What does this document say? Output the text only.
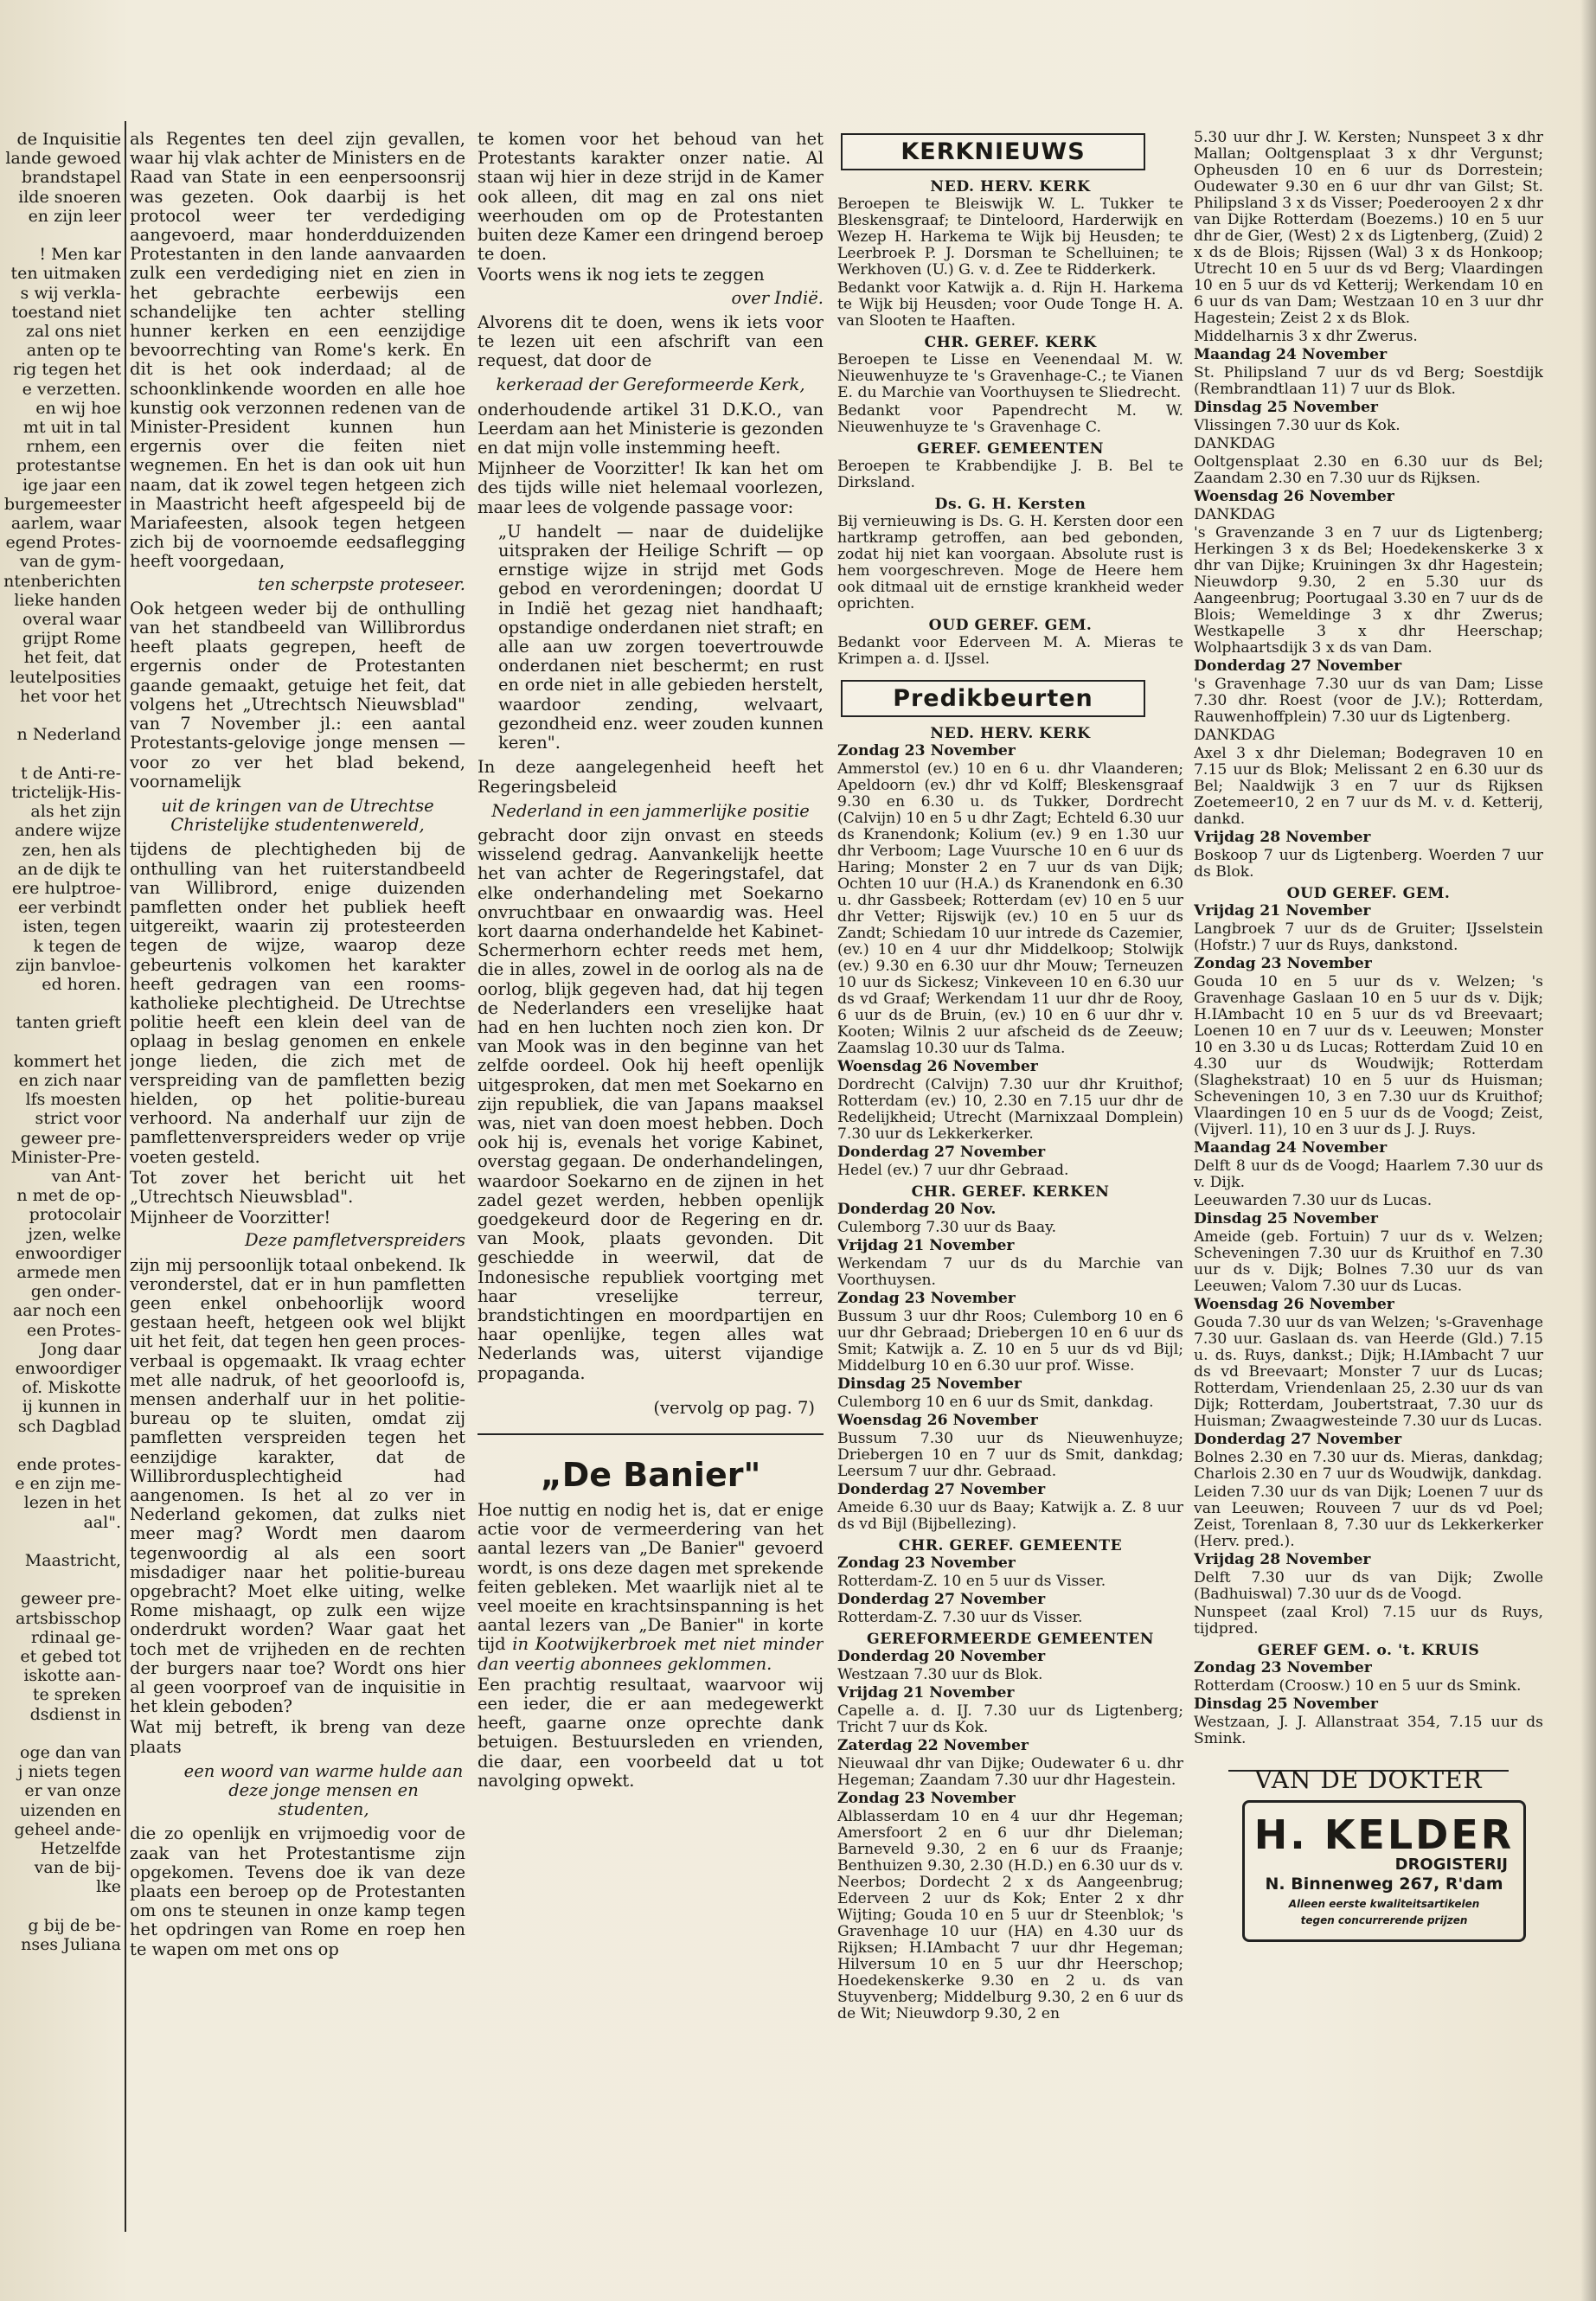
de Inquisitie

lande gewoed

brandstapel

ilde snoeren

en zijn leer

! Men kar

ten uitmaken

s wij verkla-

toestand niet

zal ons niet

anten op te

rig tegen het

e verzetten.

en wij hoe

mt uit in tal

rnhem, een

protestantse

ige jaar een

burgemeester

aarlem, waar

egend Protes-

van de gym-

ntenberichten

lieke handen

overal waar

grijpt Rome

het feit, dat

leutelposities

het voor het

n Nederland

t de Anti-re-

trictelijk-His-

als het zijn

andere wijze

zen, hen als

an de dijk te

ere hulptroe-

eer verbindt

isten, tegen

k tegen de

zijn banvloe-

ed horen.

tanten grieft

kommert het

en zich naar

lfs moesten

strict voor

geweer pre-

Minister-Pre-

van Ant-

n met de op-

protocolair

jzen, welke

enwoordiger

armede men

gen onder-

aar noch een

een Protes-

Jong daar

enwoordiger

of. Miskotte

ij kunnen in

sch Dagblad

ende protes-

e en zijn me-

lezen in het

aal".

Maastricht,

geweer pre-

artsbisschop

rdinaal ge-

et gebed tot

iskotte aan-

te spreken

dsdienst in

oge dan van

j niets tegen

er van onze

uizenden en

geheel ande-

Hetzelfde

van de bij-

lke

g bij de be-

nses Juliana

als Regentes ten deel zijn gevallen, waar hij vlak achter de Ministers en de Raad van State in een eenpersoonsrij was gezeten. Ook daarbij is het protocol weer ter verdediging aangevoerd, maar honderdduizenden Protestanten in den lande aanvaarden zulk een verdediging niet en zien in het gebrachte eerbewijs een schandelijke ten achter stelling hunner kerken en een eenzijdige bevoorrechting van Rome's kerk. En dit is het ook inderdaad; al de schoonklinkende woorden en alle hoe kunstig ook verzonnen redenen van de Minister-President kunnen hun ergernis over die feiten niet wegnemen. En het is dan ook uit hun naam, dat ik zowel tegen hetgeen zich in Maastricht heeft afgespeeld bij de Mariafeesten, alsook tegen hetgeen zich bij de voornoemde eedsaflegging heeft voorgedaan,

ten scherpste proteseer.

Ook hetgeen weder bij de onthulling van het standbeeld van Willibrordus heeft plaats gegrepen, heeft de ergernis onder de Protestanten gaande gemaakt, getuige het feit, dat volgens het „Utrechtsch Nieuwsblad" van 7 November jl.: een aantal Protestants-gelovige jonge mensen — voor zo ver het blad bekend, voornamelijk

uit de kringen van de Utrechtse Christelijke studentenwereld,

tijdens de plechtigheden bij de onthulling van het ruiterstandbeeld van Willibrord, enige duizenden pamfletten onder het publiek heeft uitgereikt, waarin zij protesteerden tegen de wijze, waarop deze gebeurtenis volkomen het karakter heeft gedragen van een rooms-katholieke plechtigheid. De Utrechtse politie heeft een klein deel van de oplaag in beslag genomen en enkele jonge lieden, die zich met de verspreiding van de pamfletten bezig hielden, op het politie-bureau verhoord. Na anderhalf uur zijn de pamflettenverspreiders weder op vrije voeten gesteld.

Tot zover het bericht uit het „Utrechtsch Nieuwsblad".

Mijnheer de Voorzitter!

Deze pamfletverspreiders

zijn mij persoonlijk totaal onbekend. Ik veronderstel, dat er in hun pamfletten geen enkel onbehoorlijk woord gestaan heeft, hetgeen ook wel blijkt uit het feit, dat tegen hen geen proces-verbaal is opgemaakt. Ik vraag echter met alle nadruk, of het geoorloofd is, mensen anderhalf uur in het politie-bureau op te sluiten, omdat zij pamfletten verspreiden tegen het eenzijdige karakter, dat de Willibrordusplechtigheid had aangenomen. Is het al zo ver in Nederland gekomen, dat zulks niet meer mag? Wordt men daarom tegenwoordig al als een soort misdadiger naar het politie-bureau opgebracht? Moet elke uiting, welke Rome mishaagt, op zulk een wijze onderdrukt worden? Waar gaat het toch met de vrijheden en de rechten der burgers naar toe? Wordt ons hier al geen voorproef van de inquisitie in het klein geboden?

Wat mij betreft, ik breng van deze plaats

een woord van warme hulde aan deze jonge mensen en studenten,

die zo openlijk en vrijmoedig voor de zaak van het Protestantisme zijn opgekomen. Tevens doe ik van deze plaats een beroep op de Protestanten om ons te steunen in onze kamp tegen het opdringen van Rome en roep hen te wapen om met ons op

te komen voor het behoud van het Protestants karakter onzer natie. Al staan wij hier in deze strijd in de Kamer ook alleen, dit mag en zal ons niet weerhouden om op de Protestanten buiten deze Kamer een dringend beroep te doen.

Voorts wens ik nog iets te zeggen

over Indië.

Alvorens dit te doen, wens ik iets voor te lezen uit een afschrift van een request, dat door de

kerkeraad der Gereformeerde Kerk,

onderhoudende artikel 31 D.K.O., van Leerdam aan het Ministerie is gezonden en dat mijn volle instemming heeft.

Mijnheer de Voorzitter! Ik kan het om des tijds wille niet helemaal voorlezen, maar lees de volgende passage voor:

„U handelt — naar de duidelijke uitspraken der Heilige Schrift — op ernstige wijze in strijd met Gods gebod en verordeningen; doordat U in Indië het gezag niet handhaaft; opstandige onderdanen niet straft; en alle aan uw zorgen toevertrouwde onderdanen niet beschermt; en rust en orde niet in alle gebieden herstelt, waardoor zending, welvaart, gezondheid enz. weer zouden kunnen keren".

In deze aangelegenheid heeft het Regeringsbeleid

Nederland in een jammerlijke positie

gebracht door zijn onvast en steeds wisselend gedrag. Aanvankelijk heette het van achter de Regeringstafel, dat elke onderhandeling met Soekarno onvruchtbaar en onwaardig was. Heel kort daarna onderhandelde het Kabinet-Schermerhorn echter reeds met hem, die in alles, zowel in de oorlog als na de oorlog, blijk gegeven had, dat hij tegen de Nederlanders een vreselijke haat had en hen luchten noch zien kon. Dr van Mook was in den beginne van het zelfde oordeel. Ook hij heeft openlijk uitgesproken, dat men met Soekarno en zijn republiek, die van Japans maaksel was, niet van doen moest hebben. Doch ook hij is, evenals het vorige Kabinet, overstag gegaan. De onderhandelingen, waardoor Soekarno en de zijnen in het zadel gezet werden, hebben openlijk goedgekeurd door de Regering en dr. van Mook, plaats gevonden. Dit geschiedde in weerwil, dat de Indonesische republiek voortging met haar vreselijke terreur, brandstichtingen en moordpartijen en haar openlijke, tegen alles wat Nederlands was, uiterst vijandige propaganda.

(vervolg op pag. 7)

„De Banier"

Hoe nuttig en nodig het is, dat er enige actie voor de vermeerdering van het aantal lezers van „De Banier" gevoerd wordt, is ons deze dagen met sprekende feiten gebleken. Met waarlijk niet al te veel moeite en krachtsinspanning is het aantal lezers van „De Banier" in korte tijd in Kootwijkerbroek met niet minder dan veertig abonnees geklommen.

Een prachtig resultaat, waarvoor wij een ieder, die er aan medegewerkt heeft, gaarne onze oprechte dank betuigen. Bestuursleden en vrienden, die daar, een voorbeeld dat u tot navolging opwekt.

KERKNIEUWS

NED. HERV. KERK

Beroepen te Bleiswijk W. L. Tukker te Bleskensgraaf; te Dinteloord, Harderwijk en Wezep H. Harkema te Wijk bij Heusden; te Leerbroek P. J. Dorsman te Schelluinen; te Werkhoven (U.) G. v. d. Zee te Ridderkerk.

Bedankt voor Katwijk a. d. Rijn H. Harkema te Wijk bij Heusden; voor Oude Tonge H. A. van Slooten te Haaften.

CHR. GEREF. KERK

Beroepen te Lisse en Veenendaal M. W. Nieuwenhuyze te 's Gravenhage-C.; te Vianen E. du Marchie van Voorthuysen te Sliedrecht.

Bedankt voor Papendrecht M. W. Nieuwenhuyze te 's Gravenhage C.

GEREF. GEMEENTEN

Beroepen te Krabbendijke J. B. Bel te Dirksland.

Ds. G. H. Kersten

Bij vernieuwing is Ds. G. H. Kersten door een hartkramp getroffen, aan bed gebonden, zodat hij niet kan voorgaan. Absolute rust is hem voorgeschreven. Moge de Heere hem ook ditmaal uit de ernstige krankheid weder oprichten.

OUD GEREF. GEM.

Bedankt voor Ederveen M. A. Mieras te Krimpen a. d. IJssel.

Predikbeurten

NED. HERV. KERK

Zondag 23 November

Ammerstol (ev.) 10 en 6 u. dhr Vlaanderen; Apeldoorn (ev.) dhr vd Kolff; Bleskensgraaf 9.30 en 6.30 u. ds Tukker, Dordrecht (Calvijn) 10 en 5 u dhr Zagt; Echteld 6.30 uur ds Kranendonk; Kolium (ev.) 9 en 1.30 uur dhr Verboom; Lage Vuursche 10 en 6 uur ds Haring; Monster 2 en 7 uur ds van Dijk; Ochten 10 uur (H.A.) ds Kranendonk en 6.30 u. dhr Gassbeek; Rotterdam (ev) 10 en 5 uur dhr Vetter; Rijswijk (ev.) 10 en 5 uur ds Zandt; Schiedam 10 uur intrede ds Cazemier, (ev.) 10 en 4 uur dhr Middelkoop; Stolwijk (ev.) 9.30 en 6.30 uur dhr Mouw; Terneuzen 10 uur ds Sickesz; Vinkeveen 10 en 6.30 uur ds vd Graaf; Werkendam 11 uur dhr de Rooy, 6 uur ds de Bruin, (ev.) 10 en 6 uur dhr v. Kooten; Wilnis 2 uur afscheid ds de Zeeuw; Zaamslag 10.30 uur ds Talma.

Woensdag 26 November

Dordrecht (Calvijn) 7.30 uur dhr Kruithof; Rotterdam (ev.) 10, 2.30 en 7.15 uur dhr de Redelijkheid; Utrecht (Marnixzaal Domplein) 7.30 uur ds Lekkerkerker.

Donderdag 27 November

Hedel (ev.) 7 uur dhr Gebraad.

CHR. GEREF. KERKEN

Donderdag 20 Nov.

Culemborg 7.30 uur ds Baay.

Vrijdag 21 November

Werkendam 7 uur ds du Marchie van Voorthuysen.

Zondag 23 November

Bussum 3 uur dhr Roos; Culemborg 10 en 6 uur dhr Gebraad; Driebergen 10 en 6 uur ds Smit; Katwijk a. Z. 10 en 5 uur ds vd Bijl; Middelburg 10 en 6.30 uur prof. Wisse.

Dinsdag 25 November

Culemborg 10 en 6 uur ds Smit, dankdag.

Woensdag 26 November

Bussum 7.30 uur ds Nieuwenhuyze; Driebergen 10 en 7 uur ds Smit, dankdag; Leersum 7 uur dhr. Gebraad.

Donderdag 27 November

Ameide 6.30 uur ds Baay; Katwijk a. Z. 8 uur ds vd Bijl (Bijbellezing).

CHR. GEREF. GEMEENTE

Zondag 23 November

Rotterdam-Z. 10 en 5 uur ds Visser.

Donderdag 27 November

Rotterdam-Z. 7.30 uur ds Visser.

GEREFORMEERDE GEMEENTEN

Donderdag 20 November

Westzaan 7.30 uur ds Blok.

Vrijdag 21 November

Capelle a. d. IJ. 7.30 uur ds Ligtenberg; Tricht 7 uur ds Kok.

Zaterdag 22 November

Nieuwaal dhr van Dijke; Oudewater 6 u. dhr Hegeman; Zaandam 7.30 uur dhr Hagestein.

Zondag 23 November

Alblasserdam 10 en 4 uur dhr Hegeman; Amersfoort 2 en 6 uur dhr Dieleman; Barneveld 9.30, 2 en 6 uur ds Fraanje; Benthuizen 9.30, 2.30 (H.D.) en 6.30 uur ds v. Neerbos; Dordecht 2 x ds Aangeenbrug; Ederveen 2 uur ds Kok; Enter 2 x dhr Wijting; Gouda 10 en 5 uur dr Steenblok; 's Gravenhage 10 uur (HA) en 4.30 uur ds Rijksen; H.IAmbacht 7 uur dhr Hegeman; Hilversum 10 en 5 uur dhr Heerschop; Hoedekenskerke 9.30 en 2 u. ds van Stuyvenberg; Middelburg 9.30, 2 en 6 uur ds de Wit; Nieuwdorp 9.30, 2 en

5.30 uur dhr J. W. Kersten; Nunspeet 3 x dhr Mallan; Ooltgensplaat 3 x dhr Vergunst; Opheusden 10 en 6 uur ds Dorrestein; Oudewater 9.30 en 6 uur dhr van Gilst; St. Philipsland 3 x ds Visser; Poederooyen 2 x dhr van Dijke Rotterdam (Boezems.) 10 en 5 uur dhr de Gier, (West) 2 x ds Ligtenberg, (Zuid) 2 x ds de Blois; Rijssen (Wal) 3 x ds Honkoop; Utrecht 10 en 5 uur ds vd Berg; Vlaardingen 10 en 5 uur ds vd Ketterij; Werkendam 10 en 6 uur ds van Dam; Westzaan 10 en 3 uur dhr Hagestein; Zeist 2 x ds Blok.

Middelharnis 3 x dhr Zwerus.

Maandag 24 November

St. Philipsland 7 uur ds vd Berg; Soestdijk (Rembrandtlaan 11) 7 uur ds Blok.

Dinsdag 25 November

Vlissingen 7.30 uur ds Kok.

DANKDAG

Ooltgensplaat 2.30 en 6.30 uur ds Bel; Zaandam 2.30 en 7.30 uur ds Rijksen.

Woensdag 26 November

DANKDAG

's Gravenzande 3 en 7 uur ds Ligtenberg; Herkingen 3 x ds Bel; Hoedekenskerke 3 x dhr van Dijke; Kruiningen 3x dhr Hagestein; Nieuwdorp 9.30, 2 en 5.30 uur ds Aangeenbrug; Poortugaal 3.30 en 7 uur ds de Blois; Wemeldinge 3 x dhr Zwerus; Westkapelle 3 x dhr Heerschap; Wolphaartsdijk 3 x ds van Dam.

Donderdag 27 November

's Gravenhage 7.30 uur ds van Dam; Lisse 7.30 dhr. Roest (voor de J.V.); Rotterdam, Rauwenhoffplein) 7.30 uur ds Ligtenberg.

DANKDAG

Axel 3 x dhr Dieleman; Bodegraven 10 en 7.15 uur ds Blok; Melissant 2 en 6.30 uur ds Bel; Naaldwijk 3 en 7 uur ds Rijksen Zoetemeer10, 2 en 7 uur ds M. v. d. Ketterij, dankd.

Vrijdag 28 November

Boskoop 7 uur ds Ligtenberg. Woerden 7 uur ds Blok.

OUD GEREF. GEM.

Vrijdag 21 November

Langbroek 7 uur ds de Gruiter; IJsselstein (Hofstr.) 7 uur ds Ruys, dankstond.

Zondag 23 November

Gouda 10 en 5 uur ds v. Welzen; 's Gravenhage Gaslaan 10 en 5 uur ds v. Dijk; H.IAmbacht 10 en 5 uur ds vd Breevaart; Loenen 10 en 7 uur ds v. Leeuwen; Monster 10 en 3.30 u ds Lucas; Rotterdam Zuid 10 en 4.30 uur ds Woudwijk; Rotterdam (Slaghekstraat) 10 en 5 uur ds Huisman; Scheveningen 10, 3 en 7.30 uur ds Kruithof; Vlaardingen 10 en 5 uur ds de Voogd; Zeist, (Vijverl. 11), 10 en 3 uur ds J. J. Ruys.

Maandag 24 November

Delft 8 uur ds de Voogd; Haarlem 7.30 uur ds v. Dijk.

Leeuwarden 7.30 uur ds Lucas.

Dinsdag 25 November

Ameide (geb. Fortuin) 7 uur ds v. Welzen; Scheveningen 7.30 uur ds Kruithof en 7.30 uur ds v. Dijk; Bolnes 7.30 uur ds van Leeuwen; Valom 7.30 uur ds Lucas.

Woensdag 26 November

Gouda 7.30 uur ds van Welzen; 's-Gravenhage 7.30 uur. Gaslaan ds. van Heerde (Gld.) 7.15 u. ds. Ruys, dankst.; Dijk; H.IAmbacht 7 uur ds vd Breevaart; Monster 7 uur ds Lucas; Rotterdam, Vriendenlaan 25, 2.30 uur ds van Dijk; Rotterdam, Joubertstraat, 7.30 uur ds Huisman; Zwaagwesteinde 7.30 uur ds Lucas.

Donderdag 27 November

Bolnes 2.30 en 7.30 uur ds. Mieras, dankdag; Charlois 2.30 en 7 uur ds Woudwijk, dankdag.

Leiden 7.30 uur ds van Dijk; Loenen 7 uur ds van Leeuwen; Rouveen 7 uur ds vd Poel; Zeist, Torenlaan 8, 7.30 uur ds Lekkerkerker (Herv. pred.).

Vrijdag 28 November

Delft 7.30 uur ds van Dijk; Zwolle (Badhuiswal) 7.30 uur ds de Voogd.

Nunspeet (zaal Krol) 7.15 uur ds Ruys, tijdpred.

GEREF GEM. o. 't. KRUIS

Zondag 23 November

Rotterdam (Croosw.) 10 en 5 uur ds Smink.

Dinsdag 25 November

Westzaan, J. J. Allanstraat 354, 7.15 uur ds Smink.

VAN DE DOKTER

H. KELDER
DROGISTERIJ
N. Binnenweg 267, R'dam
Alleen eerste kwaliteitsartikelen
tegen concurrerende prijzen
